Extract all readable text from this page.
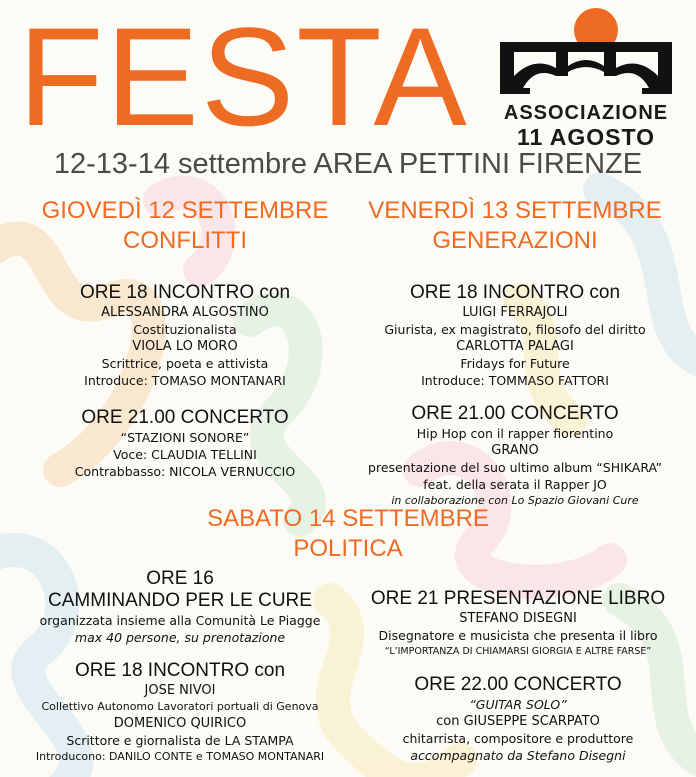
FESTA ASSOCIAZIONE
11 AGOSTO
12-13-14 settembre AREA PETTINI FIRENZE
GIOVEDÌ 12 SETTEMBRE
CONFLITTI
ORE 18 INCONTRO con
ALESSANDRA ALGOSTINO
Costituzionalista
VIOLA LO MORO
Scrittrice, poeta e attivista
Introduce: TOMASO MONTANARI
ORE 21.00 CONCERTO
“STAZIONI SONORE”
Voce: CLAUDIA TELLINI
Contrabbasso: NICOLA VERNUCCIO
VENERDÌ 13 SETTEMBRE
GENERAZIONI
ORE 18 INCONTRO con
LUIGI FERRAJOLI
Giurista, ex magistrato, filosofo del diritto
CARLOTTA PALAGI
Fridays for Future
Introduce: TOMMASO FATTORI
ORE 21.00 CONCERTO
Hip Hop con il rapper fiorentino
GRANO
presentazione del suo ultimo album “SHIKARA”
feat. della serata il Rapper JO
in collaborazione con Lo Spazio Giovani Cure
SABATO 14 SETTEMBRE
POLITICA
ORE 16
CAMMINANDO PER LE CURE
organizzata insieme alla Comunità Le Piagge
max 40 persone, su prenotazione
ORE 18 INCONTRO con
JOSE NIVOI
Collettivo Autonomo Lavoratori portuali di Genova
DOMENICO QUIRICO
Scrittore e giornalista de LA STAMPA
Introducono: DANILO CONTE e TOMASO MONTANARI
ORE 21 PRESENTAZIONE LIBRO
STEFANO DISEGNI
Disegnatore e musicista che presenta il libro
“L’IMPORTANZA DI CHIAMARSI GIORGIA E ALTRE FARSE”
ORE 22.00 CONCERTO
“GUITAR SOLO”
con GIUSEPPE SCARPATO
chitarrista, compositore e produttore
accompagnato da Stefano Disegni
